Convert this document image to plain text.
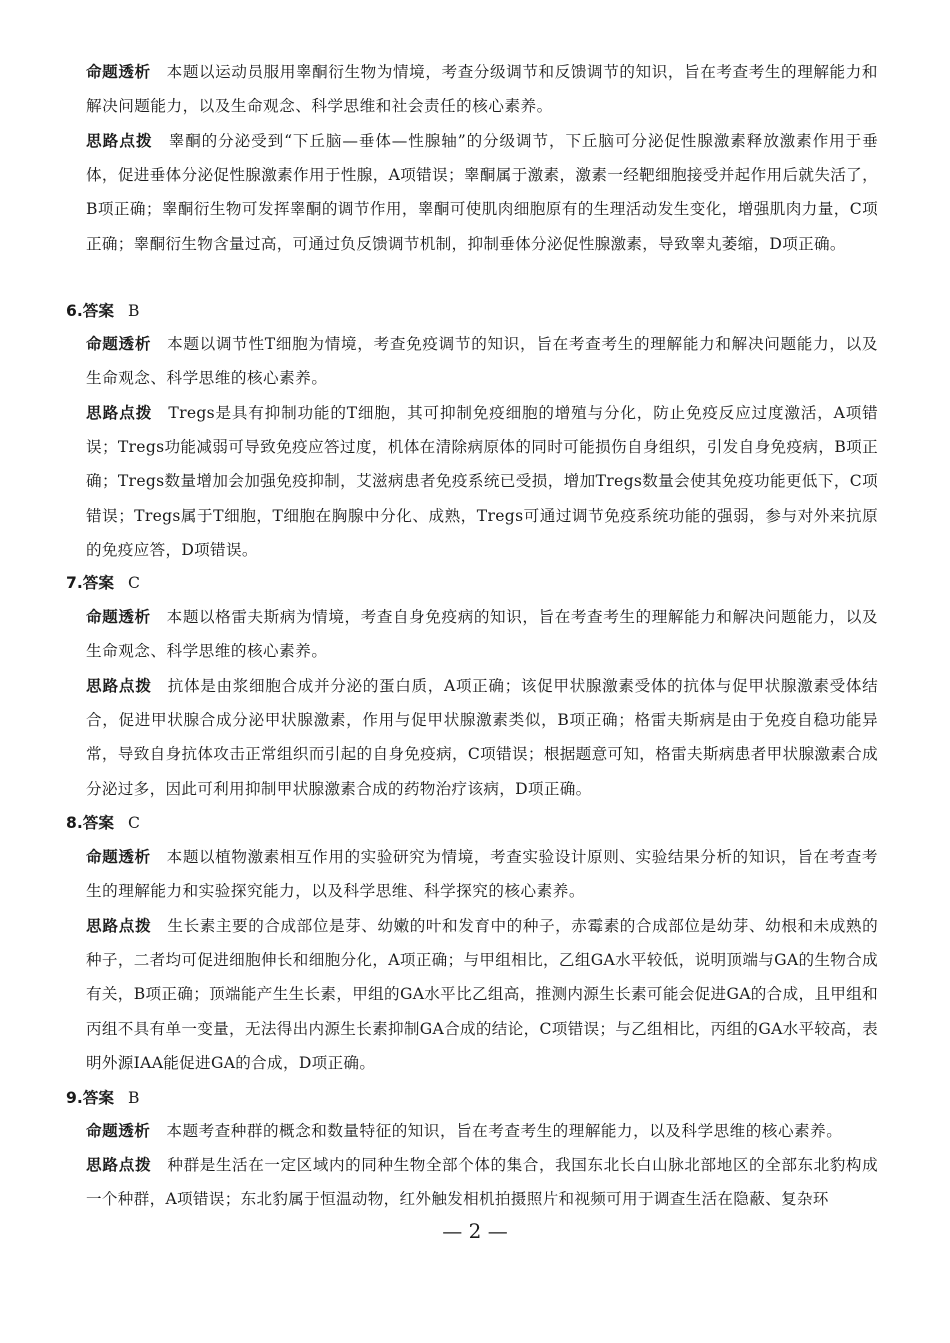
命题透析 本题以运动员服用睾酮衍生物为情境，考查分级调节和反馈调节的知识，旨在考查考生的理解能力和解决问题能力，以及生命观念、科学思维和社会责任的核心素养。

思路点拨 睾酮的分泌受到“下丘脑—垂体—性腺轴”的分级调节，下丘脑可分泌促性腺激素释放激素作用于垂体，促进垂体分泌促性腺激素作用于性腺，A项错误；睾酮属于激素，激素一经靶细胞接受并起作用后就失活了，B项正确；睾酮衍生物可发挥睾酮的调节作用，睾酮可使肌肉细胞原有的生理活动发生变化，增强肌肉力量，C项正确；睾酮衍生物含量过高，可通过负反馈调节机制，抑制垂体分泌促性腺激素，导致睾丸萎缩，D项正确。

6.答案 B

命题透析 本题以调节性T细胞为情境，考查免疫调节的知识，旨在考查考生的理解能力和解决问题能力，以及生命观念、科学思维的核心素养。

思路点拨 Tregs是具有抑制功能的T细胞，其可抑制免疫细胞的增殖与分化，防止免疫反应过度激活，A项错误；Tregs功能减弱可导致免疫应答过度，机体在清除病原体的同时可能损伤自身组织，引发自身免疫病，B项正确；Tregs数量增加会加强免疫抑制，艾滋病患者免疫系统已受损，增加Tregs数量会使其免疫功能更低下，C项错误；Tregs属于T细胞，T细胞在胸腺中分化、成熟，Tregs可通过调节免疫系统功能的强弱，参与对外来抗原的免疫应答，D项错误。

7.答案 C

命题透析 本题以格雷夫斯病为情境，考查自身免疫病的知识，旨在考查考生的理解能力和解决问题能力，以及生命观念、科学思维的核心素养。

思路点拨 抗体是由浆细胞合成并分泌的蛋白质，A项正确；该促甲状腺激素受体的抗体与促甲状腺激素受体结合，促进甲状腺合成分泌甲状腺激素，作用与促甲状腺激素类似，B项正确；格雷夫斯病是由于免疫自稳功能异常，导致自身抗体攻击正常组织而引起的自身免疫病，C项错误；根据题意可知，格雷夫斯病患者甲状腺激素合成分泌过多，因此可利用抑制甲状腺激素合成的药物治疗该病，D项正确。

8.答案 C

命题透析 本题以植物激素相互作用的实验研究为情境，考查实验设计原则、实验结果分析的知识，旨在考查考生的理解能力和实验探究能力，以及科学思维、科学探究的核心素养。

思路点拨 生长素主要的合成部位是芽、幼嫩的叶和发育中的种子，赤霉素的合成部位是幼芽、幼根和未成熟的种子，二者均可促进细胞伸长和细胞分化，A项正确；与甲组相比，乙组GA水平较低，说明顶端与GA的生物合成有关，B项正确；顶端能产生生长素，甲组的GA水平比乙组高，推测内源生长素可能会促进GA的合成，且甲组和丙组不具有单一变量，无法得出内源生长素抑制GA合成的结论，C项错误；与乙组相比，丙组的GA水平较高，表明外源IAA能促进GA的合成，D项正确。

9.答案 B

命题透析 本题考查种群的概念和数量特征的知识，旨在考查考生的理解能力，以及科学思维的核心素养。

思路点拨 种群是生活在一定区域内的同种生物全部个体的集合，我国东北长白山脉北部地区的全部东北豹构成一个种群，A项错误；东北豹属于恒温动物，红外触发相机拍摄照片和视频可用于调查生活在隐蔽、复杂环

— 2 —
